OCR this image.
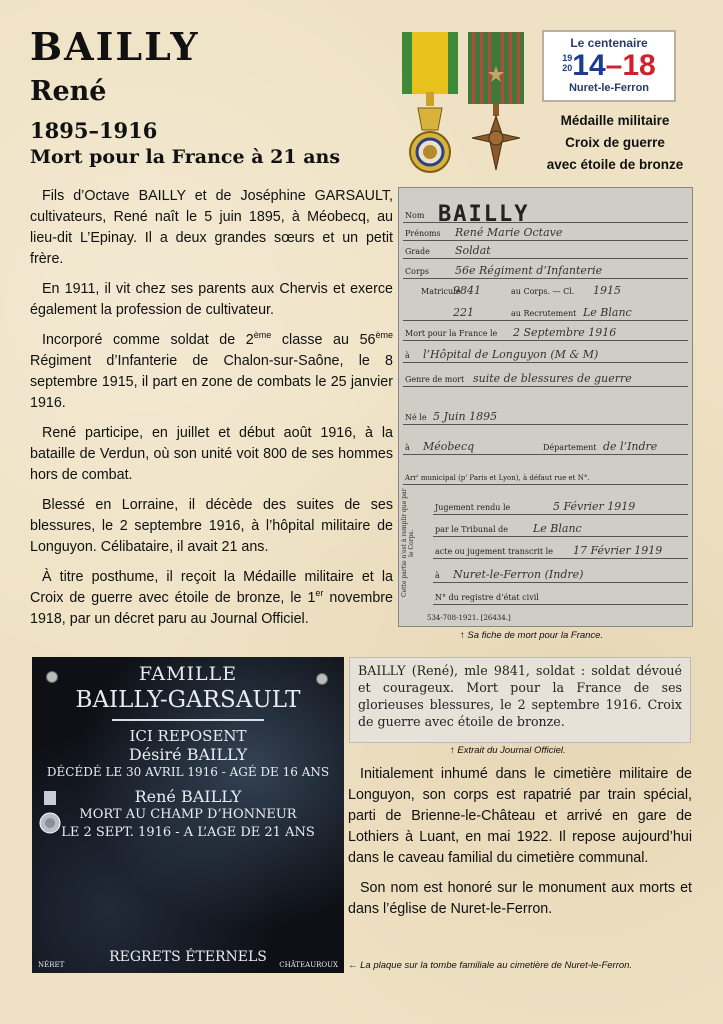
BAILLY
René
1895–1916
Mort pour la France à 21 ans
Le centenaire
19
2014–18
Nuret-le-Ferron
Médaille militaire
Croix de guerre
avec étoile de bronze

Fils d’Octave BAILLY et de Joséphine GARSAULT, cultivateurs, René naît le 5 juin 1895, à Méobecq, au lieu-dit L’Epinay. Il a deux grandes sœurs et un petit frère.

En 1911, il vit chez ses parents aux Chervis et exerce également la profession de cultivateur.

Incorporé comme soldat de 2ème classe au 56ème Régiment d’Infanterie de Chalon-sur-Saône, le 8 septembre 1915, il part en zone de combats le 25 janvier 1916.

René participe, en juillet et début août 1916, à la bataille de Verdun, où son unité voit 800 de ses hommes hors de combat.

Blessé en Lorraine, il décède des suites de ses blessures, le 2 septembre 1916, à l’hôpital militaire de Longuyon. Célibataire, il avait 21 ans.

À titre posthume, il reçoit la Médaille militaire et la Croix de guerre avec étoile de bronze, le 1er novembre 1918, par un décret paru au Journal Officiel.

Nom BAILLY
Prénoms René Marie Octave
Grade Soldat
Corps 56e Régiment d’Infanterie
Matricule
9841	au Corps. — Cl. 1915
221	au Recrutement Le Blanc
Mort pour la France le 2 Septembre 1916
à l’Hôpital de Longuyon (M & M)
Genre de mort suite de blessures de guerre
Né le 5 Juin 1895
à Méobecq	Département de l’Indre
Arr' municipal (p' Paris et Lyon), à défaut rue et N°.
Jugement rendu le	5 Février 1919
par le Tribunal de Le Blanc
acte ou jugement transcrit le 17 Février 1919
à Nuret-le-Ferron (Indre)
N° du registre d’état civil
Cette partie n'est à remplir que par le Corps.
534-708-1921. [26434.]
↑ Sa fiche de mort pour la France.
FAMILLE
BAILLY-GARSAULT
ICI REPOSENT
Désiré BAILLY
DÉCÉDÉ LE 30 AVRIL 1916 - AGÉ DE 16 ANS
René BAILLY
MORT AU CHAMP D’HONNEUR
LE 2 SEPT. 1916 - A L’AGE DE 21 ANS
REGRETS ÉTERNELS
NÉRET	CHÂTEAUROUX
BAILLY (René), mle 9841, soldat : soldat dévoué et courageux. Mort pour la France de ses glorieuses blessures, le 2 septembre 1916. Croix de guerre avec étoile de bronze.
↑ Extrait du Journal Officiel.

Initialement inhumé dans le cimetière militaire de Longuyon, son corps est rapatrié par train spécial, parti de Brienne-le-Château et arrivé en gare de Lothiers à Luant, en mai 1922. Il repose aujourd’hui dans le caveau familial du cimetière communal.

Son nom est honoré sur le monument aux morts et dans l’église de Nuret-le-Ferron.

← La plaque sur la tombe familiale au cimetière de Nuret-le-Ferron.
